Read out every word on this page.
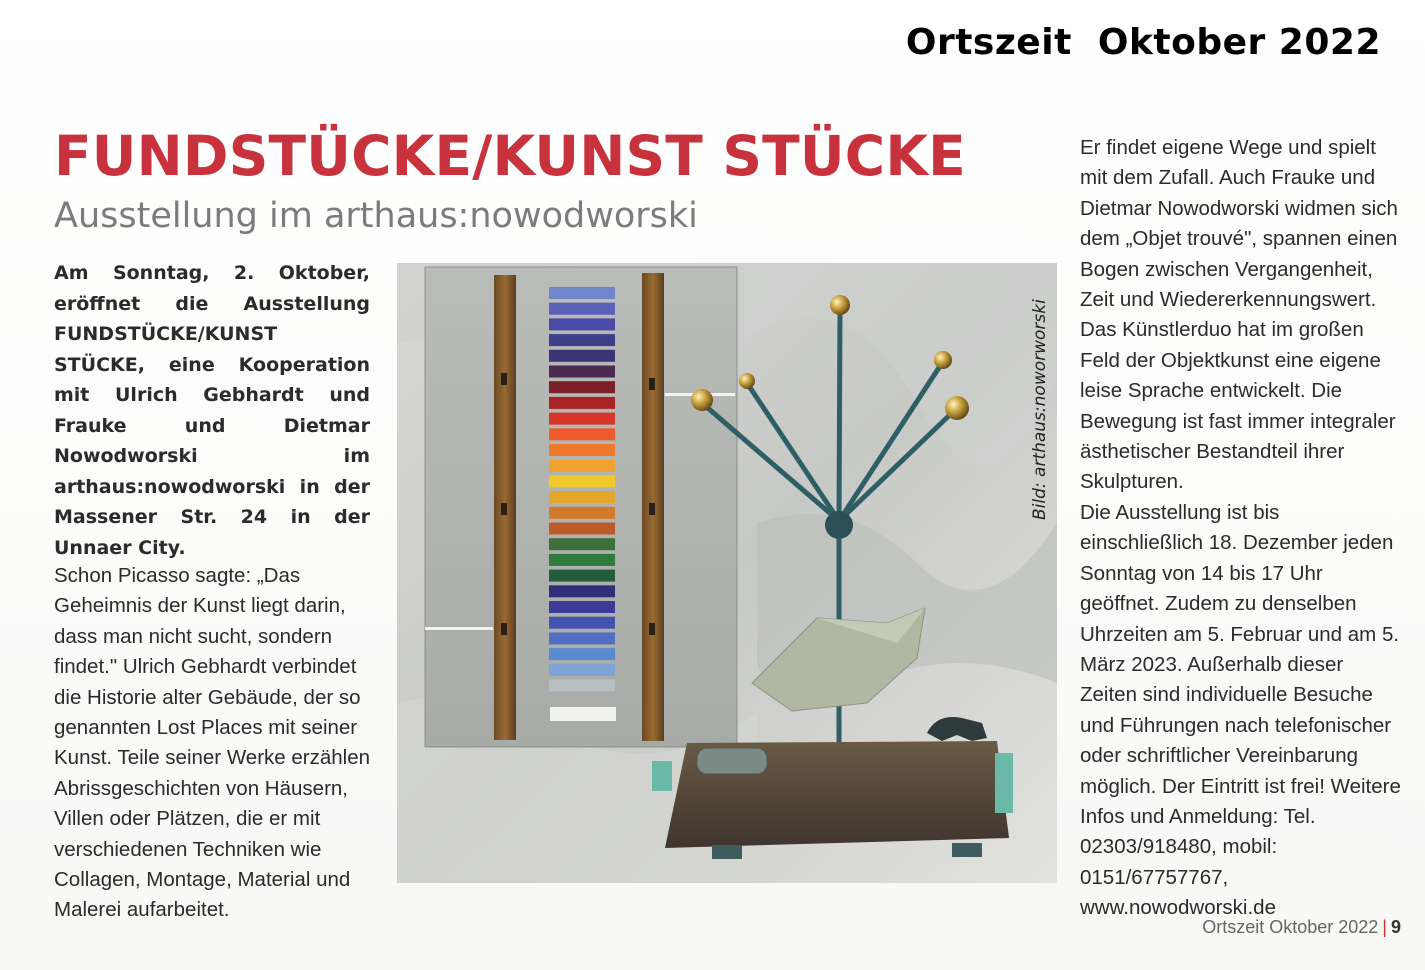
Ortszeit  Oktober 2022
FUNDSTÜCKE/KUNST STÜCKE
Ausstellung im arthaus:nowodworski
Am Sonntag, 2. Oktober, eröffnet die Ausstellung FUNDSTÜCKE/KUNST STÜCKE, eine Kooperation mit Ulrich Gebhardt und Frauke und Dietmar Nowodworski im arthaus:nowodworski in der Massener Str. 24 in der Unnaer City.
Schon Picasso sagte: „Das Geheimnis der Kunst liegt darin, dass man nicht sucht, sondern findet." Ulrich Gebhardt verbindet die Historie alter Gebäude, der so genannten Lost Places mit seiner Kunst. Teile seiner Werke erzählen Abrissgeschichten von Häusern, Villen oder Plätzen, die er mit verschiedenen Techniken wie Collagen, Montage, Material und Malerei aufarbeitet.
Bild: arthaus:noworworski
Er findet eigene Wege und spielt mit dem Zufall. Auch Frauke und Dietmar Nowodworski widmen sich dem „Objet trouvé", spannen einen Bogen zwischen Vergangenheit, Zeit und Wiedererkennungswert. Das Künstlerduo hat im großen Feld der Objektkunst eine eigene leise Sprache entwickelt. Die Bewegung ist fast immer integraler ästhetischer Bestandteil ihrer Skulpturen.
Die Ausstellung ist bis einschließlich 18. Dezember jeden Sonntag von 14 bis 17 Uhr geöffnet. Zudem zu denselben Uhrzeiten am 5. Februar und am 5. März 2023. Außerhalb dieser Zeiten sind individuelle Besuche und Führungen nach telefonischer oder schriftlicher Vereinbarung möglich. Der Eintritt ist frei! Weitere Infos und Anmeldung: Tel. 02303/918480, mobil: 0151/67757767, www.nowodworski.de
Ortszeit Oktober 2022 | 9
